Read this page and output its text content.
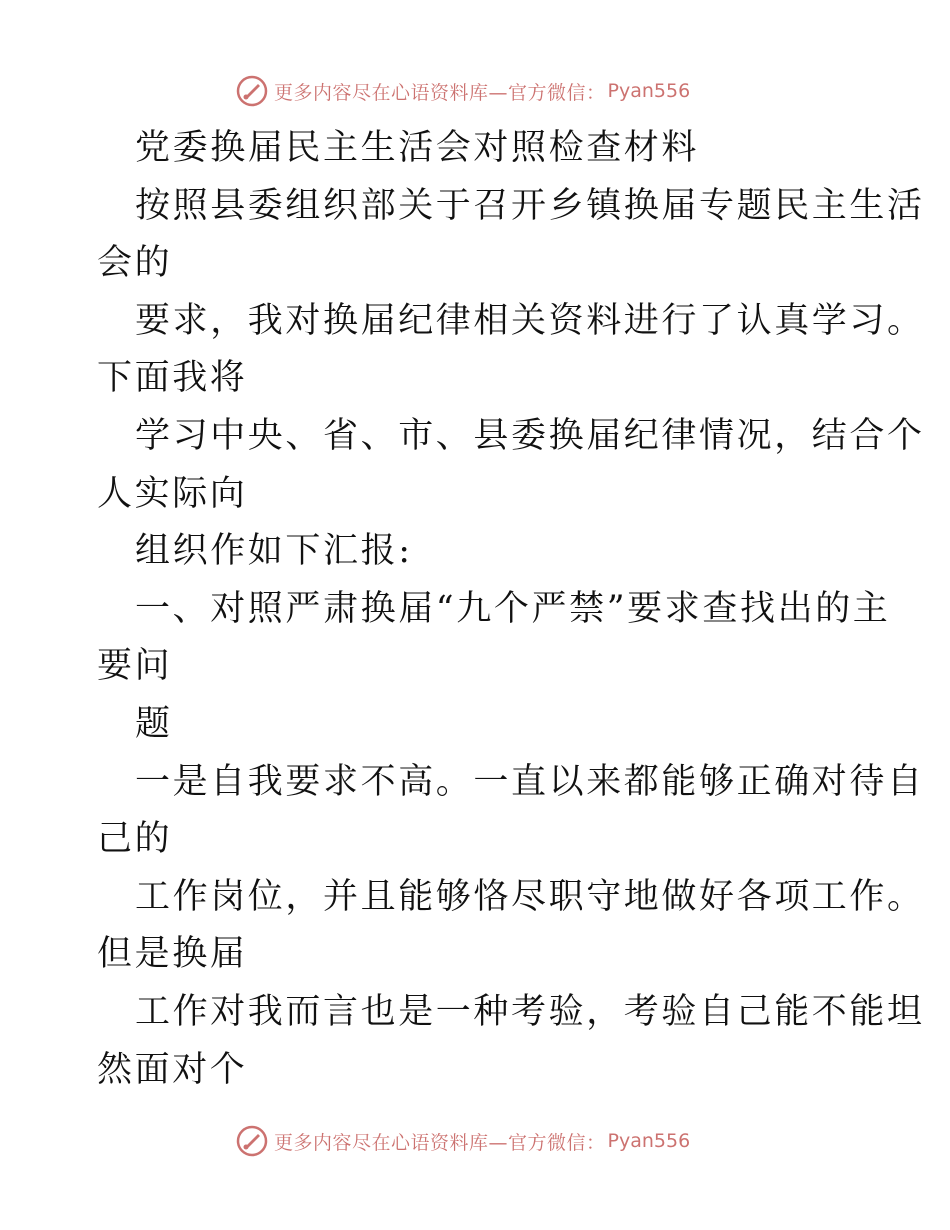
更多内容尽在心语资料库—官方微信： Pyan556
党委换届民主生活会对照检查材料
按照县委组织部关于召开乡镇换届专题民主生活
会的
要求，我对换届纪律相关资料进行了认真学习。
下面我将
学习中央、省、市、县委换届纪律情况，结合个
人实际向
组织作如下汇报:
一、对照严肃换届“九个严禁”要求查找出的主
要问
题
一是自我要求不高。一直以来都能够正确对待自
己的
工作岗位，并且能够恪尽职守地做好各项工作。
但是换届
工作对我而言也是一种考验，考验自己能不能坦
然面对个
更多内容尽在心语资料库—官方微信： Pyan556
